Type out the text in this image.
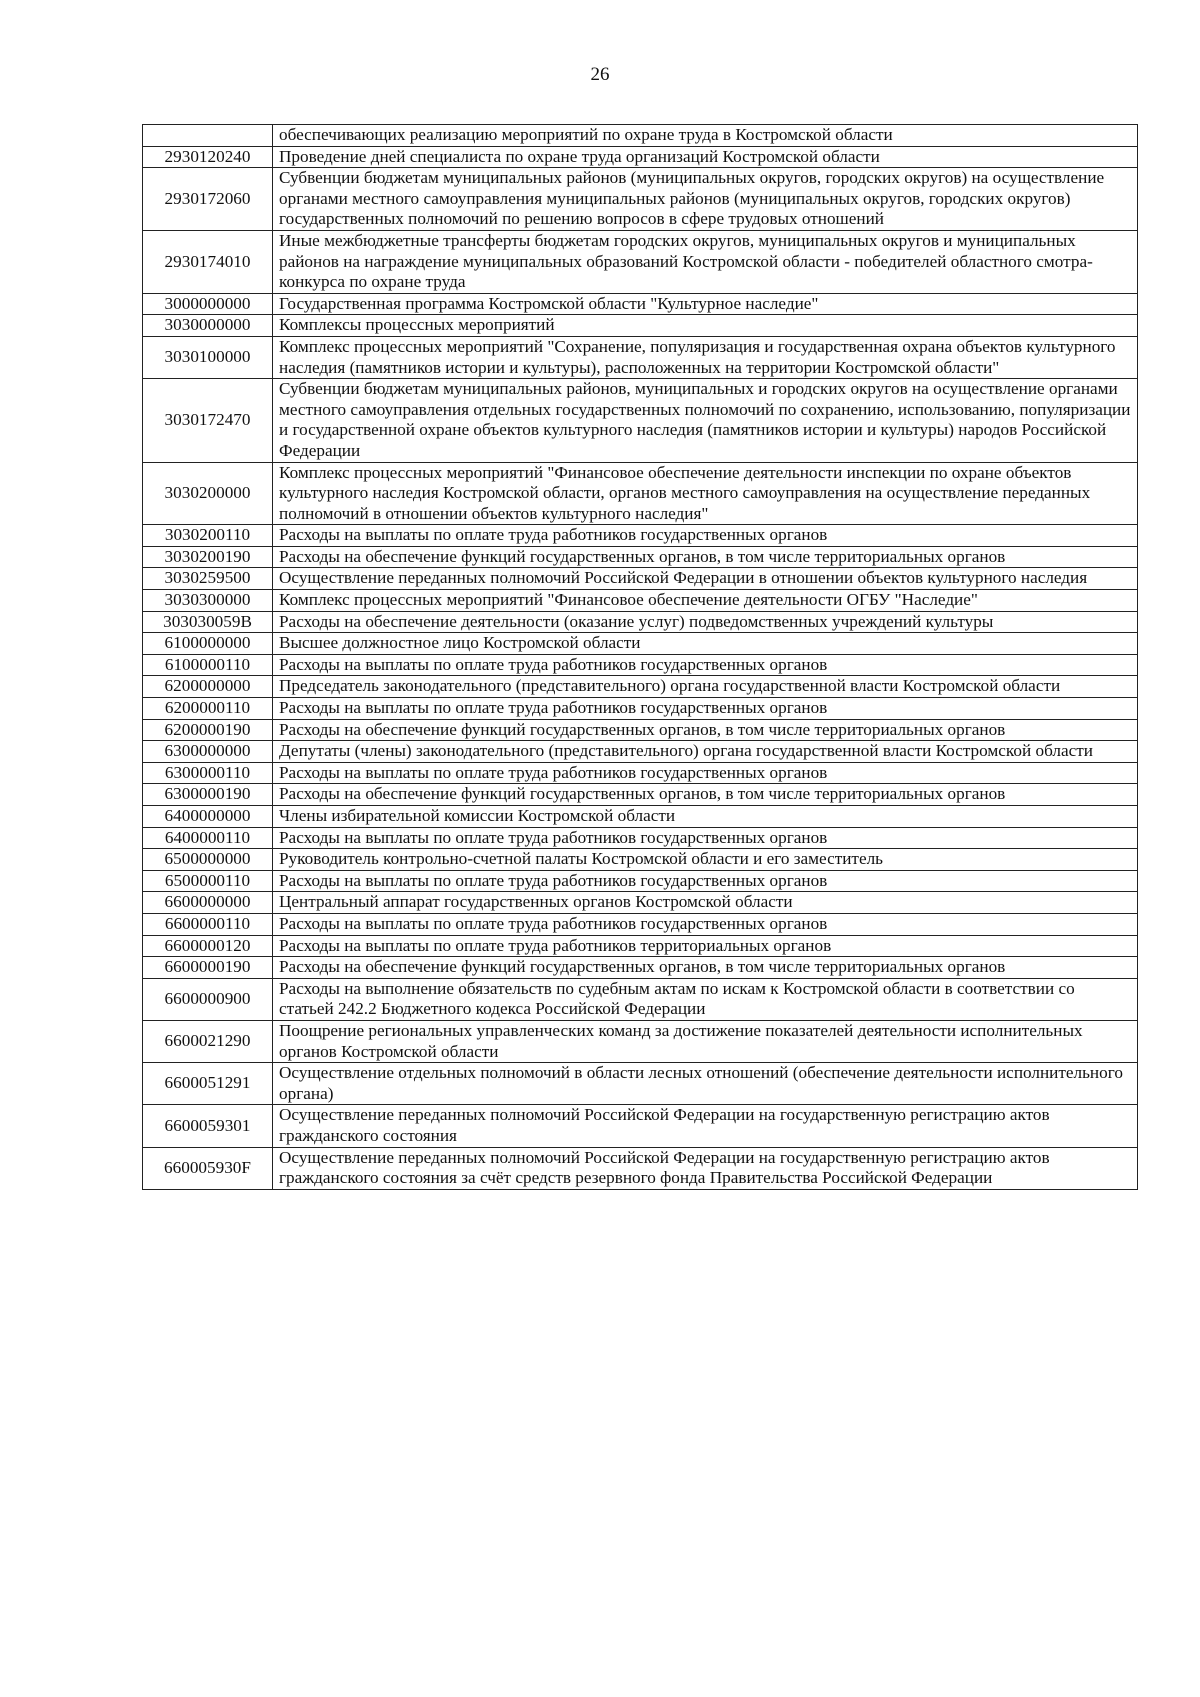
26
	обеспечивающих реализацию мероприятий по охране труда в Костромской области
2930120240	Проведение дней специалиста по охране труда организаций Костромской области
2930172060	Субвенции бюджетам муниципальных районов (муниципальных округов, городских округов) на осуществление органами местного самоуправления муниципальных районов (муниципальных округов, городских округов) государственных полномочий по решению вопросов в сфере трудовых отношений
2930174010	Иные межбюджетные трансферты бюджетам городских округов, муниципальных округов и муниципальных районов на награждение муниципальных образований Костромской области - победителей областного смотра-конкурса по охране труда
3000000000	Государственная программа Костромской области "Культурное наследие"
3030000000	Комплексы процессных мероприятий
3030100000	Комплекс процессных мероприятий "Сохранение, популяризация и государственная охрана объектов культурного наследия (памятников истории и культуры), расположенных на территории Костромской области"
3030172470	Субвенции бюджетам муниципальных районов, муниципальных и городских округов на осуществление органами местного самоуправления отдельных государственных полномочий по сохранению, использованию, популяризации и государственной охране объектов культурного наследия (памятников истории и культуры) народов Российской Федерации
3030200000	Комплекс процессных мероприятий "Финансовое обеспечение деятельности инспекции по охране объектов культурного наследия Костромской области, органов местного самоуправления на осуществление переданных полномочий в отношении объектов культурного наследия"
3030200110	Расходы на выплаты по оплате труда работников государственных органов
3030200190	Расходы на обеспечение функций государственных органов, в том числе территориальных органов
3030259500	Осуществление переданных полномочий Российской Федерации в отношении объектов культурного наследия
3030300000	Комплекс процессных мероприятий "Финансовое обеспечение деятельности ОГБУ "Наследие"
303030059В	Расходы на обеспечение деятельности (оказание услуг) подведомственных учреждений культуры
6100000000	Высшее должностное лицо Костромской области
6100000110	Расходы на выплаты по оплате труда работников государственных органов
6200000000	Председатель законодательного (представительного) органа государственной власти Костромской области
6200000110	Расходы на выплаты по оплате труда работников государственных органов
6200000190	Расходы на обеспечение функций государственных органов, в том числе территориальных органов
6300000000	Депутаты (члены) законодательного (представительного) органа государственной власти Костромской области
6300000110	Расходы на выплаты по оплате труда работников государственных органов
6300000190	Расходы на обеспечение функций государственных органов, в том числе территориальных органов
6400000000	Члены избирательной комиссии Костромской области
6400000110	Расходы на выплаты по оплате труда работников государственных органов
6500000000	Руководитель контрольно-счетной палаты Костромской области и его заместитель
6500000110	Расходы на выплаты по оплате труда работников государственных органов
6600000000	Центральный аппарат государственных органов Костромской области
6600000110	Расходы на выплаты по оплате труда работников государственных органов
6600000120	Расходы на выплаты по оплате труда работников территориальных органов
6600000190	Расходы на обеспечение функций государственных органов, в том числе территориальных органов
6600000900	Расходы на выполнение обязательств по судебным актам по искам к Костромской области в соответствии со статьей 242.2 Бюджетного кодекса Российской Федерации
6600021290	Поощрение региональных управленческих команд за достижение показателей деятельности исполнительных органов Костромской области
6600051291	Осуществление отдельных полномочий в области лесных отношений (обеспечение деятельности исполнительного органа)
6600059301	Осуществление переданных полномочий Российской Федерации на государственную регистрацию актов гражданского состояния
660005930F	Осуществление переданных полномочий Российской Федерации на государственную регистрацию актов гражданского состояния за счёт средств резервного фонда Правительства Российской Федерации
